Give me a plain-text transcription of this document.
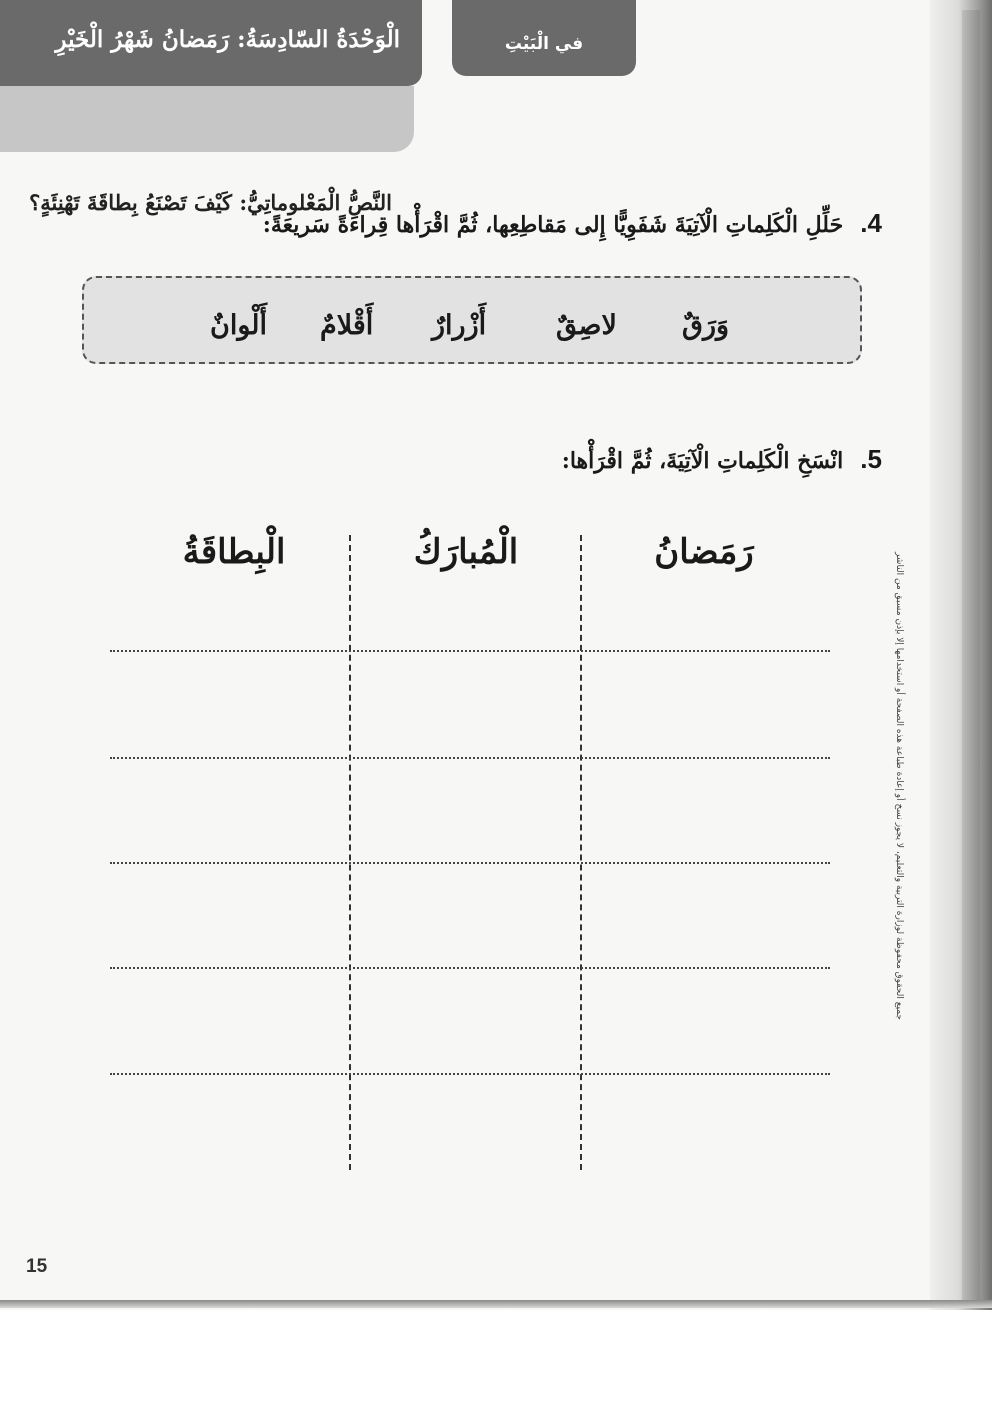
الْوَحْدَةُ السّادِسَةُ: رَمَضانُ شَهْرُ الْخَيْرِ
النَّصُّ الْمَعْلوماتِيُّ: كَيْفَ تَصْنَعُ بِطاقَةَ تَهْنِئَةٍ؟
في الْبَيْتِ
4. حَلِّلِ الْكَلِماتِ الْآتِيَةَ شَفَوِيًّا إِلى مَقاطِعِها، ثُمَّ اقْرَأْها قِراءَةً سَريعَةً:
وَرَقٌ
لاصِقٌ
أَزْرارٌ
أَقْلامٌ
أَلْوانٌ
5. انْسَخِ الْكَلِماتِ الْآتِيَةَ، ثُمَّ اقْرَأْها:
رَمَضانُ
الْمُبارَكُ
الْبِطاقَةُ	جميع الحقوق محفوظة لوزارة التربية والتعليم، لا يجوز نسخ أو إعادة طباعة هذه الصفحة أو استخدامها إلا بإذن مسبق من الناشر
15
